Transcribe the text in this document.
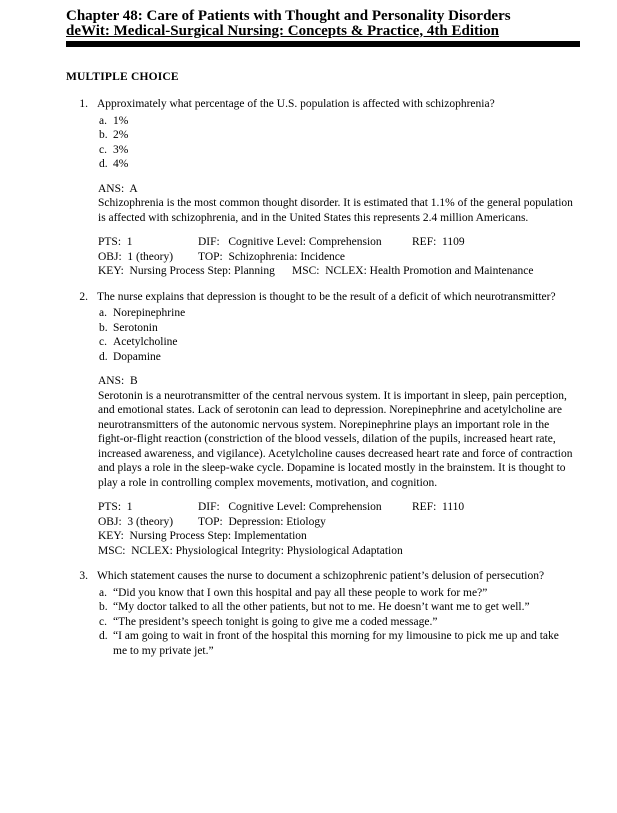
Chapter 48: Care of Patients with Thought and Personality Disorders
deWit: Medical-Surgical Nursing: Concepts & Practice, 4th Edition
MULTIPLE CHOICE
1. Approximately what percentage of the U.S. population is affected with schizophrenia?
a. 1%
b. 2%
c. 3%
d. 4%
ANS:  A
Schizophrenia is the most common thought disorder. It is estimated that 1.1% of the general population is affected with schizophrenia, and in the United States this represents 2.4 million Americans.
PTS:  1	DIF:   Cognitive Level: Comprehension	REF:  1109
OBJ:  1 (theory) TOP:  Schizophrenia: Incidence
KEY:  Nursing Process Step: Planning MSC:  NCLEX: Health Promotion and Maintenance
2. The nurse explains that depression is thought to be the result of a deficit of which neurotransmitter?
a. Norepinephrine
b. Serotonin
c. Acetylcholine
d. Dopamine
ANS:  B
Serotonin is a neurotransmitter of the central nervous system. It is important in sleep, pain perception, and emotional states. Lack of serotonin can lead to depression. Norepinephrine and acetylcholine are neurotransmitters of the autonomic nervous system. Norepinephrine plays an important role in the fight-or-flight reaction (constriction of the blood vessels, dilation of the pupils, increased heart rate, increased awareness, and vigilance). Acetylcholine causes decreased heart rate and force of contraction and plays a role in the sleep-wake cycle. Dopamine is located mostly in the brainstem. It is thought to play a role in controlling complex movements, motivation, and cognition.
PTS:  1	DIF:   Cognitive Level: Comprehension	REF:  1110
OBJ:  3 (theory) TOP:  Depression: Etiology
KEY:  Nursing Process Step: Implementation
MSC:  NCLEX: Physiological Integrity: Physiological Adaptation
3. Which statement causes the nurse to document a schizophrenic patient’s delusion of persecution?
a. “Did you know that I own this hospital and pay all these people to work for me?”
b. “My doctor talked to all the other patients, but not to me. He doesn’t want me to get well.”
c. “The president’s speech tonight is going to give me a coded message.”
d. “I am going to wait in front of the hospital this morning for my limousine to pick me up and take me to my private jet.”
